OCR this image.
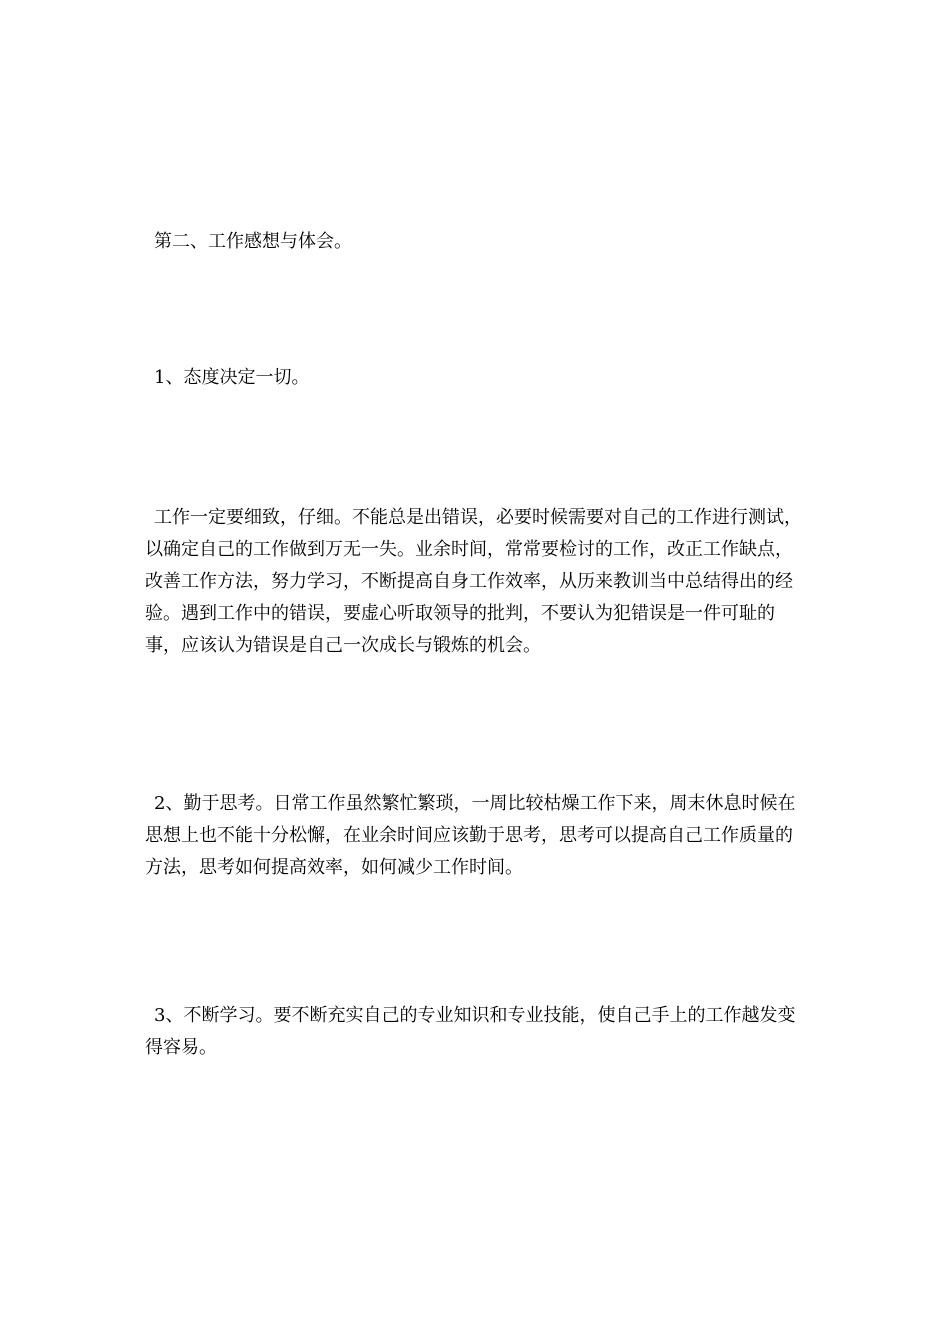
第二、工作感想与体会。

1、态度决定一切。

工作一定要细致，仔细。不能总是出错误，必要时候需要对自己的工作进行测试，以确定自己的工作做到万无一失。业余时间，常常要检讨的工作，改正工作缺点，改善工作方法，努力学习，不断提高自身工作效率，从历来教训当中总结得出的经验。遇到工作中的错误，要虚心听取领导的批判，不要认为犯错误是一件可耻的事，应该认为错误是自己一次成长与锻炼的机会。

2、勤于思考。日常工作虽然繁忙繁琐，一周比较枯燥工作下来，周末休息时候在思想上也不能十分松懈，在业余时间应该勤于思考，思考可以提高自己工作质量的方法，思考如何提高效率，如何减少工作时间。

3、不断学习。要不断充实自己的专业知识和专业技能，使自己手上的工作越发变得容易。
